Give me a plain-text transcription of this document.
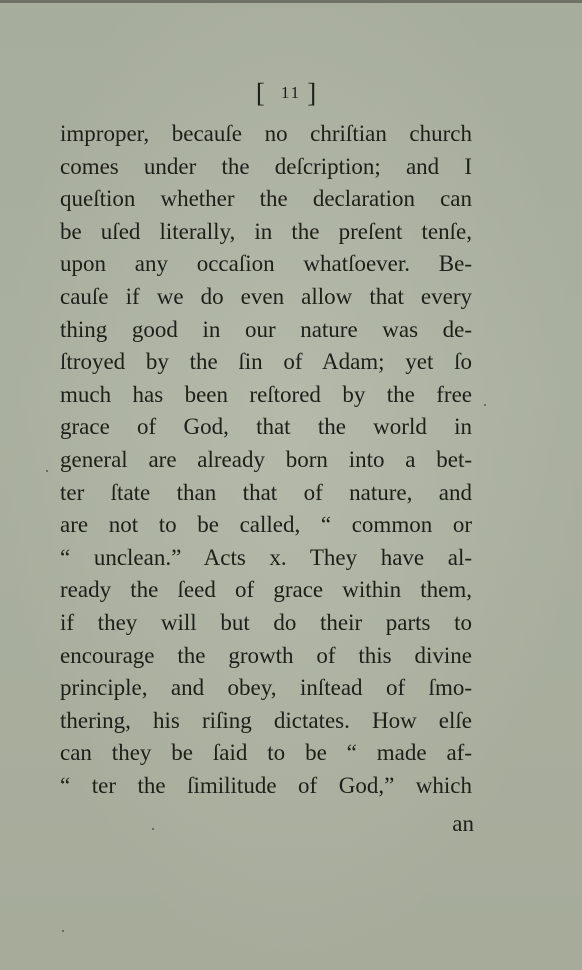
[ 11 ]
improper, becauſe no chriſtian church
comes under the deſcription; and I
queſtion whether the declaration can
be uſed literally, in the preſent tenſe,
upon any occaſion whatſoever. Be-
cauſe if we do even allow that every
thing good in our nature was de-
ſtroyed by the ſin of Adam; yet ſo
much has been reſtored by the free
grace of God, that the world in
general are already born into a bet-
ter ſtate than that of nature, and
are not to be called, “ common or
“ unclean.” Acts x. They have al-
ready the ſeed of grace within them,
if they will but do their parts to
encourage the growth of this divine
principle, and obey, inſtead of ſmo-
thering, his riſing dictates. How elſe
can they be ſaid to be “ made af-
“ ter the ſimilitude of God,” which
an
